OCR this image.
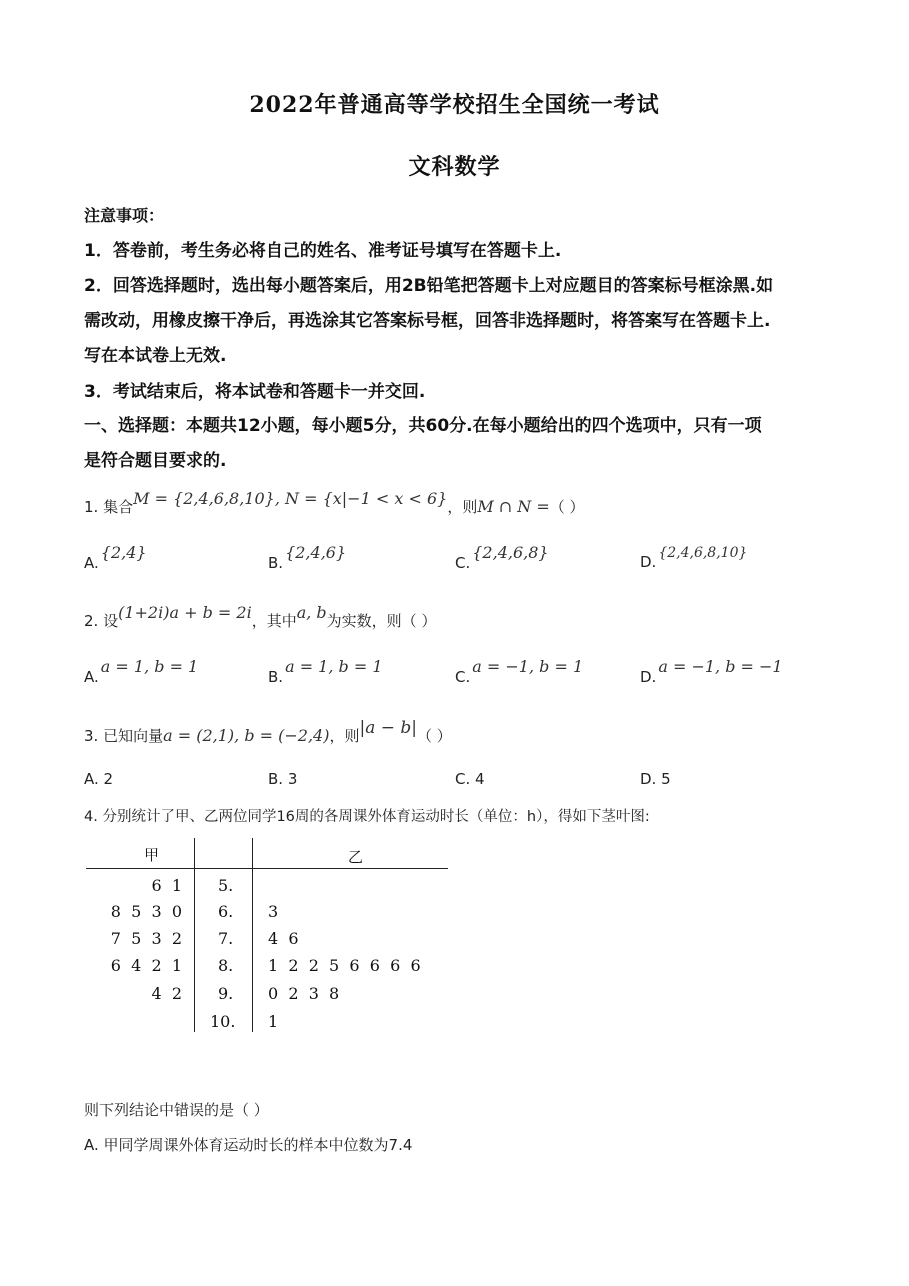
2022年普通高等学校招生全国统一考试
文科数学
注意事项：
1．答卷前，考生务必将自己的姓名、准考证号填写在答题卡上.
2．回答选择题时，选出每小题答案后，用2B铅笔把答题卡上对应题目的答案标号框涂黑.如
需改动，用橡皮擦干净后，再选涂其它答案标号框，回答非选择题时，将答案写在答题卡上.
写在本试卷上无效.
3．考试结束后，将本试卷和答题卡一并交回.
一、选择题：本题共12小题，每小题5分，共60分.在每小题给出的四个选项中，只有一项
是符合题目要求的.
1. 集合M = {2,4,6,8,10}, N = {x|−1 < x < 6}，则M ∩ N =（ ）
A.{2,4}
B.{2,4,6}
C.{2,4,6,8}	D. {2,4,6,8,10}
2. 设(1+2i)a + b = 2i，其中a, b为实数，则（ ）
A.a = 1, b = 1
B.a = 1, b = 1
C.a = −1, b = 1
D.a = −1, b = −1
3. 已知向量a = (2,1), b = (−2,4)，则|a − b|（ ）
A. 2	B. 3	C. 4	D. 5
4. 分别统计了甲、乙两位同学16周的各周课外体育运动时长（单位：h），得如下茎叶图:
甲	乙
6  1 5.
8  5  3  0 6. 3
7  5  3  2 7. 4  6
6  4  2  1 8. 1  2  2  5  6  6  6  6
4  2 9. 0  2  3  8
10. 1
则下列结论中错误的是（ ）
A. 甲同学周课外体育运动时长的样本中位数为7.4
